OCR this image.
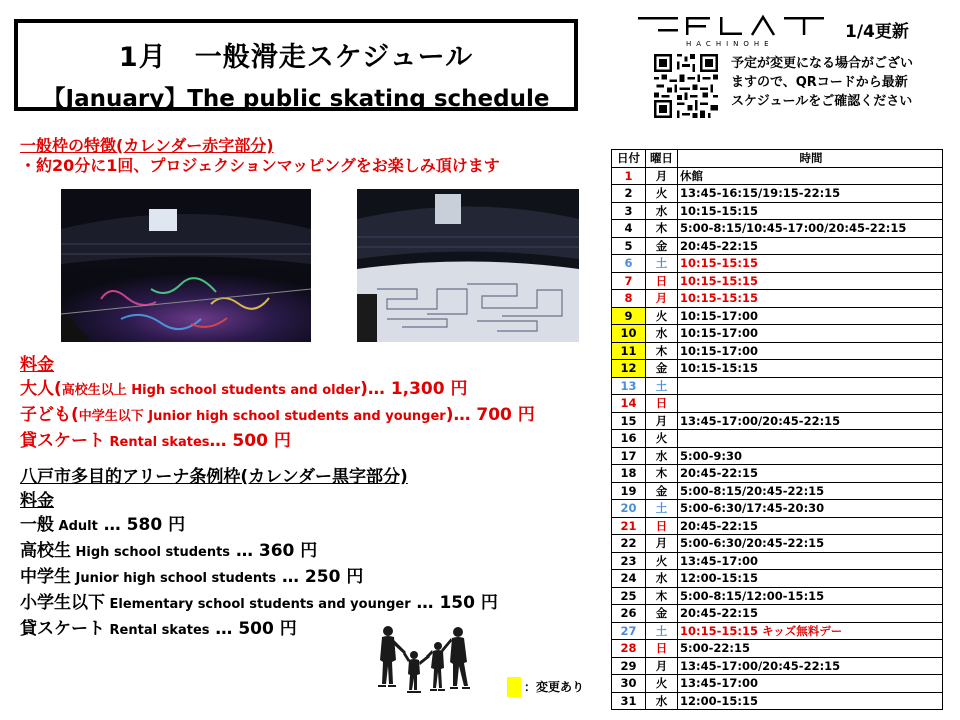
1月　一般滑走スケジュール
【January】The public skating schedule
HACHINOHE
1/4更新
予定が変更になる場合がござい
ますので、QRコードから最新
スケジュールをご確認ください
一般枠の特徴(カレンダー赤字部分)
・約20分に1回、プロジェクションマッピングをお楽しみ頂けます
料金
大人(高校生以上 High school students and older)… 1,300 円
子ども(中学生以下 Junior high school students and younger)… 700 円
貸スケート Rental skates… 500 円
八戸市多目的アリーナ条例枠(カレンダー黒字部分)
料金
一般 Adult … 580 円
高校生 High school students … 360 円
中学生 Junior high school students … 250 円
小学生以下 Elementary school students and younger … 150 円
貸スケート Rental skates … 500 円
：変更あり
日付	曜日	時間
1	月	休館
2	火	13:45-16:15/19:15-22:15
3	水	10:15-15:15
4	木	5:00-8:15/10:45-17:00/20:45-22:15
5	金	20:45-22:15
6	土	10:15-15:15
7	日	10:15-15:15
8	月	10:15-15:15
9	火	10:15-17:00
10	水	10:15-17:00
11	木	10:15-17:00
12	金	10:15-15:15
13	土	
14	日	
15	月	13:45-17:00/20:45-22:15
16	火	
17	水	5:00-9:30
18	木	20:45-22:15
19	金	5:00-8:15/20:45-22:15
20	土	5:00-6:30/17:45-20:30
21	日	20:45-22:15
22	月	5:00-6:30/20:45-22:15
23	火	13:45-17:00
24	水	12:00-15:15
25	木	5:00-8:15/12:00-15:15
26	金	20:45-22:15
27	土	10:15-15:15 キッズ無料デー
28	日	5:00-22:15
29	月	13:45-17:00/20:45-22:15
30	火	13:45-17:00
31	水	12:00-15:15
